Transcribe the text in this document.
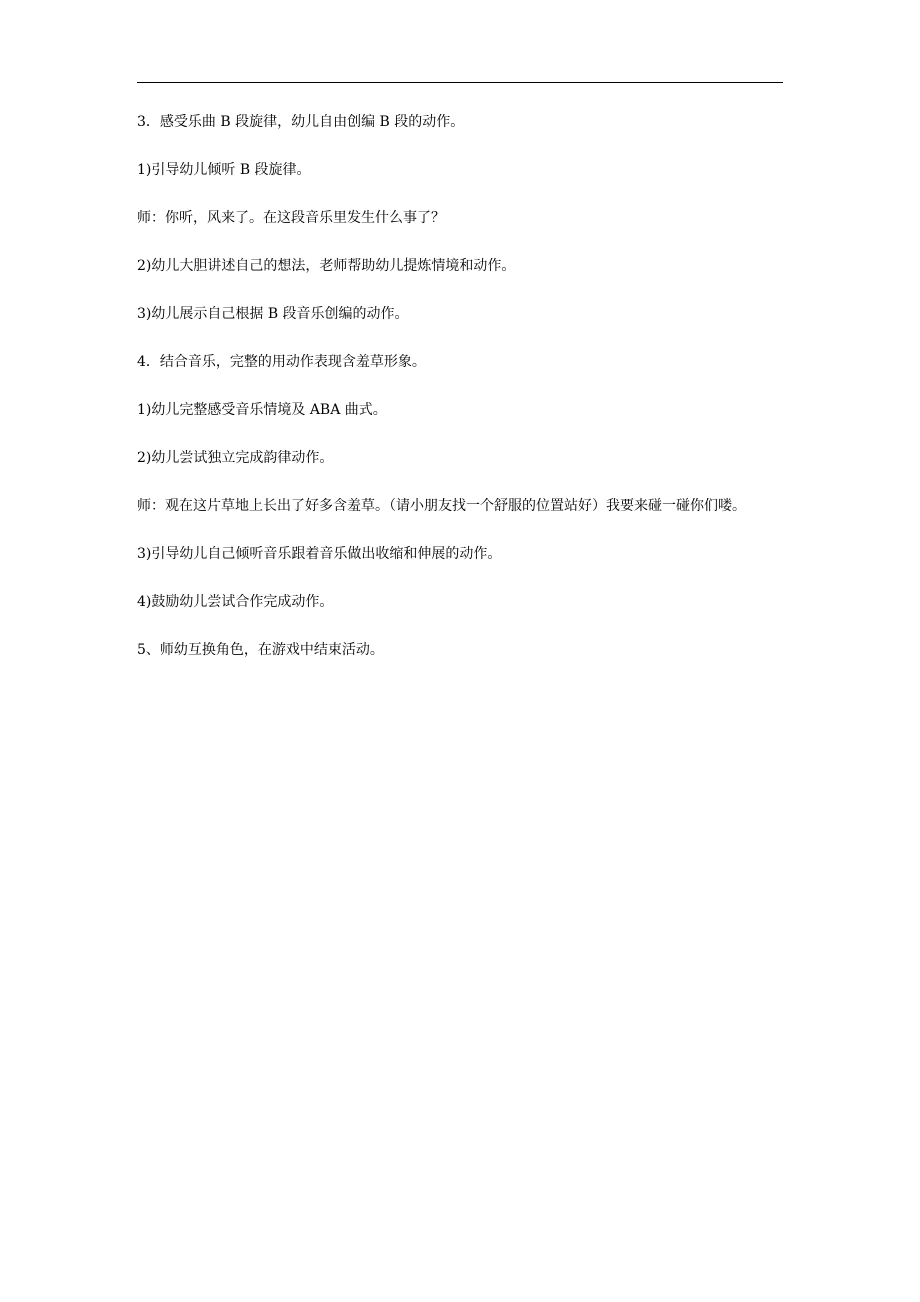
3．感受乐曲 B 段旋律，幼儿自由创编 B 段的动作。

1)引导幼儿倾听 B 段旋律。

师：你听，风来了。在这段音乐里发生什么事了？

2)幼儿大胆讲述自己的想法，老师帮助幼儿提炼情境和动作。

3)幼儿展示自己根据 B 段音乐创编的动作。

4．结合音乐，完整的用动作表现含羞草形象。

1)幼儿完整感受音乐情境及 ABA 曲式。

2)幼儿尝试独立完成韵律动作。

师：观在这片草地上长出了好多含羞草。（请小朋友找一个舒服的位置站好）我要来碰一碰你们喽。

3)引导幼儿自己倾听音乐跟着音乐做出收缩和伸展的动作。

4)鼓励幼儿尝试合作完成动作。

5、师幼互换角色，在游戏中结束活动。
